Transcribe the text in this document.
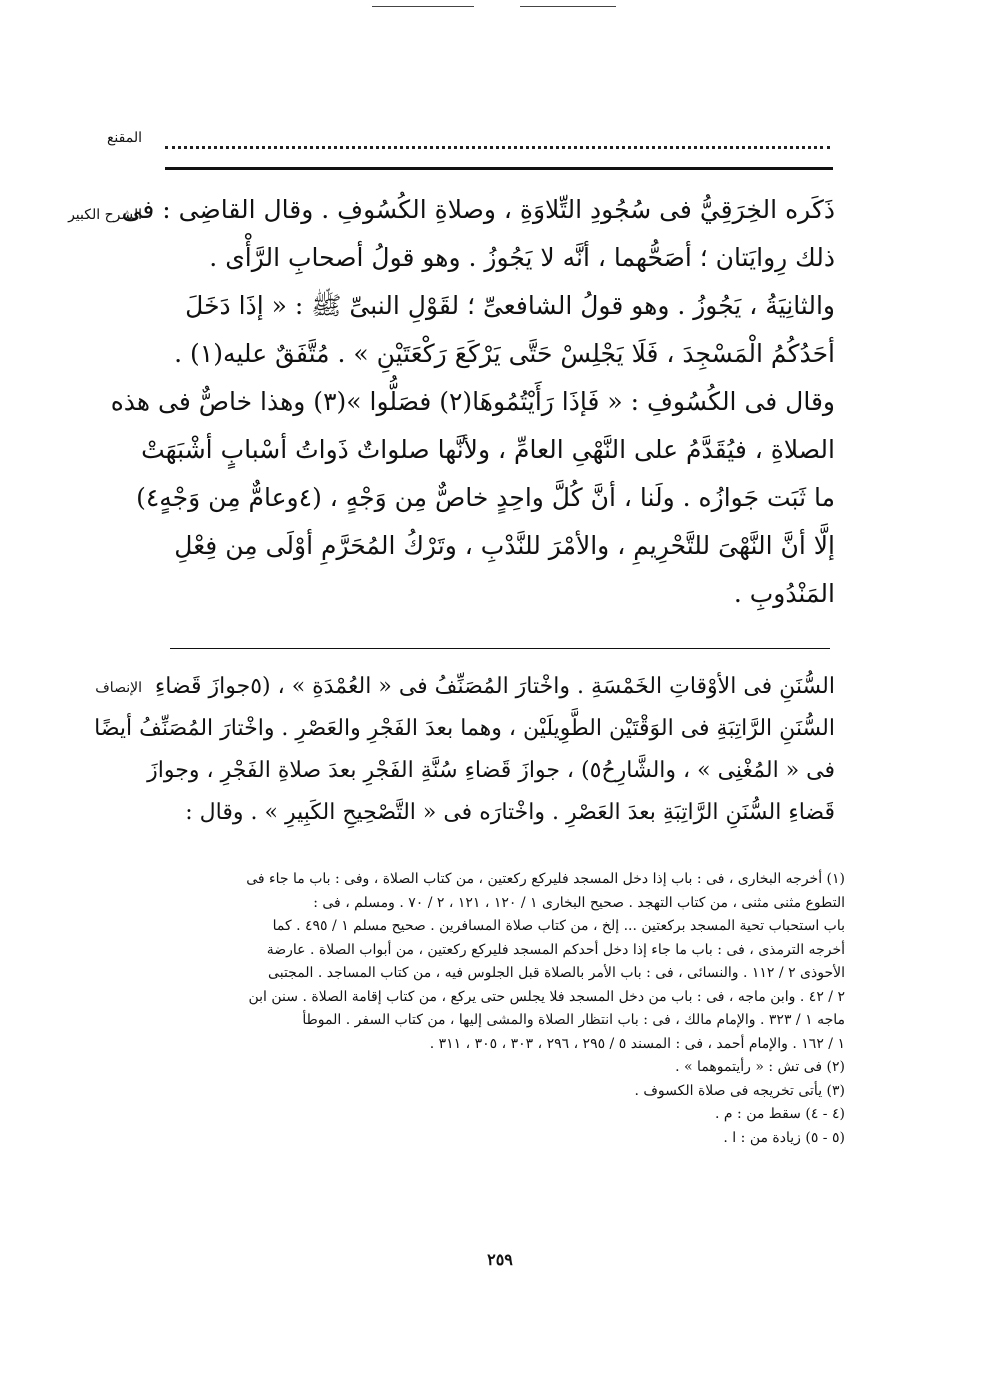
المقنع
الشرح الكبير
ذَكَره الخِرَقِيُّ فى سُجُودِ التِّلاوَةِ ، وصلاةِ الكُسُوفِ . وقال القاضِى : فى
ذلك رِوايَتان ؛ أصَحُّهما ، أنَّه لا يَجُوزُ . وهو قولُ أصحابِ الرَّأْى .
والثانِيَةُ ، يَجُوزُ . وهو قولُ الشافعىِّ ؛ لقَوْلِ النبىِّ ﷺ : « إذَا دَخَلَ
أحَدُكُمُ الْمَسْجِدَ ، فَلَا يَجْلِسْ حَتَّى يَرْكَعَ رَكْعَتَيْنِ » . مُتَّفَقٌ عليه(١) .
وقال فى الكُسُوفِ : « فَإذَا رَأَيْتُمُوهَا(٢) فصَلُّوا »(٣) وهذا خاصٌّ فى هذه
الصلاةِ ، فيُقَدَّمُ على النَّهْىِ العامِّ ، ولأنَّها صلواتٌ ذَواتُ أسْبابٍ أشْبَهَتْ
ما ثَبَت جَوازُه . ولَنا ، أنَّ كُلَّ واحِدٍ خاصٌّ مِن وَجْهٍ ، (٤وعامٌّ مِن وَجْهٍ٤)
إلَّا أنَّ النَّهْىَ للتَّحْرِيمِ ، والأمْرَ للنَّدْبِ ، وتَرْكُ المُحَرَّمِ أوْلَى مِن فِعْلِ
المَنْدُوبِ .
الإنصاف السُّنَنِ فى الأوْقاتِ الخَمْسَةِ . واخْتارَ المُصَنِّفُ فى « العُمْدَةِ » ، (٥جوازَ قَضاءِ
السُّنَنِ الرَّاتِبَةِ فى الوَقْتَيْن الطَّوِيلَيْن ، وهما بعدَ الفَجْرِ والعَصْرِ . واخْتارَ المُصَنِّفُ أيضًا
فى « المُغْنِى » ، والشَّارِحُ٥) ، جوازَ قَضاءِ سُنَّةِ الفَجْرِ بعدَ صلاةِ الفَجْرِ ، وجوازَ
قَضاءِ السُّنَنِ الرَّاتِبَةِ بعدَ العَصْرِ . واخْتارَه فى « التَّصْحِيحِ الكَبِيرِ » . وقال :
(١) أخرجه البخارى ، فى : باب إذا دخل المسجد فليركع ركعتين ، من كتاب الصلاة ، وفى : باب ما جاء فى
التطوع مثنى مثنى ، من كتاب التهجد . صحيح البخارى ١ / ١٢٠ ، ١٢١ ، ٢ / ٧٠ . ومسلم ، فى :
باب استحباب تحية المسجد بركعتين ... إلخ ، من كتاب صلاة المسافرين . صحيح مسلم ١ / ٤٩٥ . كما
أخرجه الترمذى ، فى : باب ما جاء إذا دخل أحدكم المسجد فليركع ركعتين ، من أبواب الصلاة . عارضة
الأحوذى ٢ / ١١٢ . والنسائى ، فى : باب الأمر بالصلاة قبل الجلوس فيه ، من كتاب المساجد . المجتبى
٢ / ٤٢ . وابن ماجه ، فى : باب من دخل المسجد فلا يجلس حتى يركع ، من كتاب إقامة الصلاة . سنن ابن
ماجه ١ / ٣٢٣ . والإمام مالك ، فى : باب انتظار الصلاة والمشى إليها ، من كتاب السفر . الموطأ
١ / ١٦٢ . والإمام أحمد ، فى : المسند ٥ / ٢٩٥ ، ٢٩٦ ، ٣٠٣ ، ٣٠٥ ، ٣١١ .
(٢) فى تش : « رأيتموهما » .
(٣) يأتى تخريجه فى صلاة الكسوف .
(٤ - ٤) سقط من : م .
(٥ - ٥) زيادة من : ا .
٢٥٩
